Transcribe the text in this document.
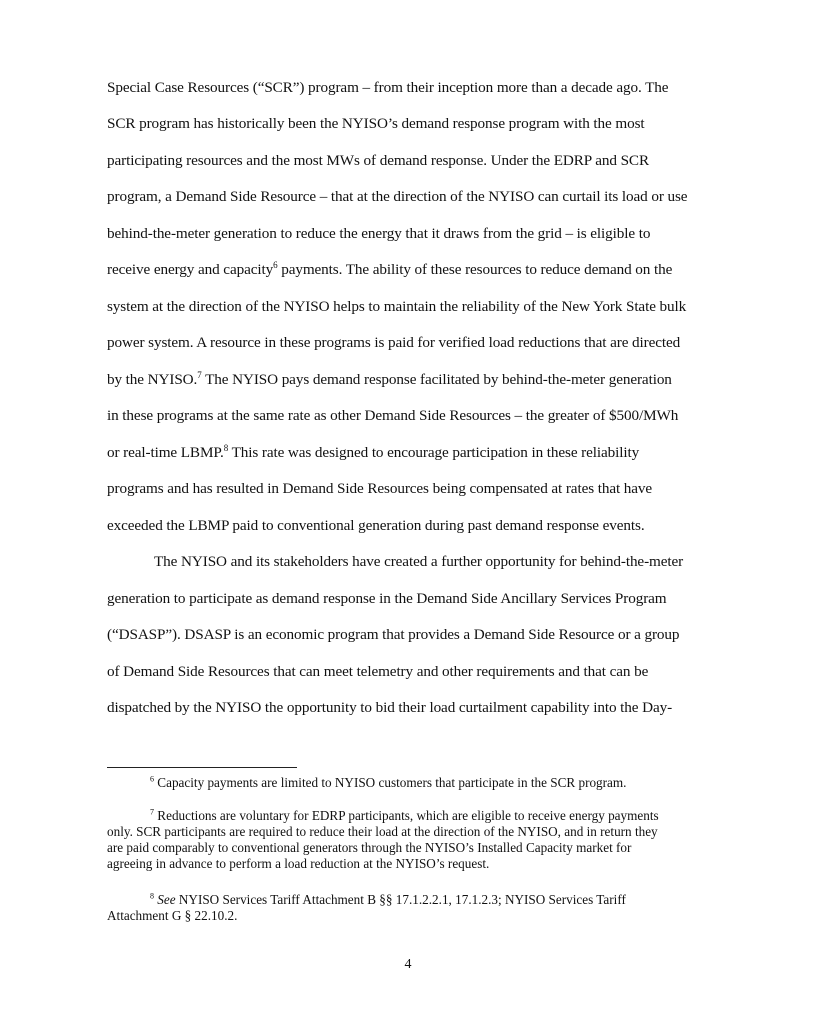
Special Case Resources (“SCR”) program – from their inception more than a decade ago. The
SCR program has historically been the NYISO’s demand response program with the most
participating resources and the most MWs of demand response. Under the EDRP and SCR
program, a Demand Side Resource – that at the direction of the NYISO can curtail its load or use
behind-the-meter generation to reduce the energy that it draws from the grid – is eligible to
receive energy and capacity$^6$ payments. The ability of these resources to reduce demand on the
system at the direction of the NYISO helps to maintain the reliability of the New York State bulk
power system. A resource in these programs is paid for verified load reductions that are directed
by the NYISO.$^7$ The NYISO pays demand response facilitated by behind-the-meter generation
in these programs at the same rate as other Demand Side Resources – the greater of $500/MWh
or real-time LBMP.$^8$ This rate was designed to encourage participation in these reliability
programs and has resulted in Demand Side Resources being compensated at rates that have
exceeded the LBMP paid to conventional generation during past demand response events.
The NYISO and its stakeholders have created a further opportunity for behind-the-meter
generation to participate as demand response in the Demand Side Ancillary Services Program
(“DSASP”). DSASP is an economic program that provides a Demand Side Resource or a group
of Demand Side Resources that can meet telemetry and other requirements and that can be
dispatched by the NYISO the opportunity to bid their load curtailment capability into the Day-
$^6$ Capacity payments are limited to NYISO customers that participate in the SCR program.
$^7$ Reductions are voluntary for EDRP participants, which are eligible to receive energy payments
only. SCR participants are required to reduce their load at the direction of the NYISO, and in return they
are paid comparably to conventional generators through the NYISO’s Installed Capacity market for
agreeing in advance to perform a load reduction at the NYISO’s request.
$^8$ See NYISO Services Tariff Attachment B §§ 17.1.2.2.1, 17.1.2.3; NYISO Services Tariff
Attachment G § 22.10.2.
4
